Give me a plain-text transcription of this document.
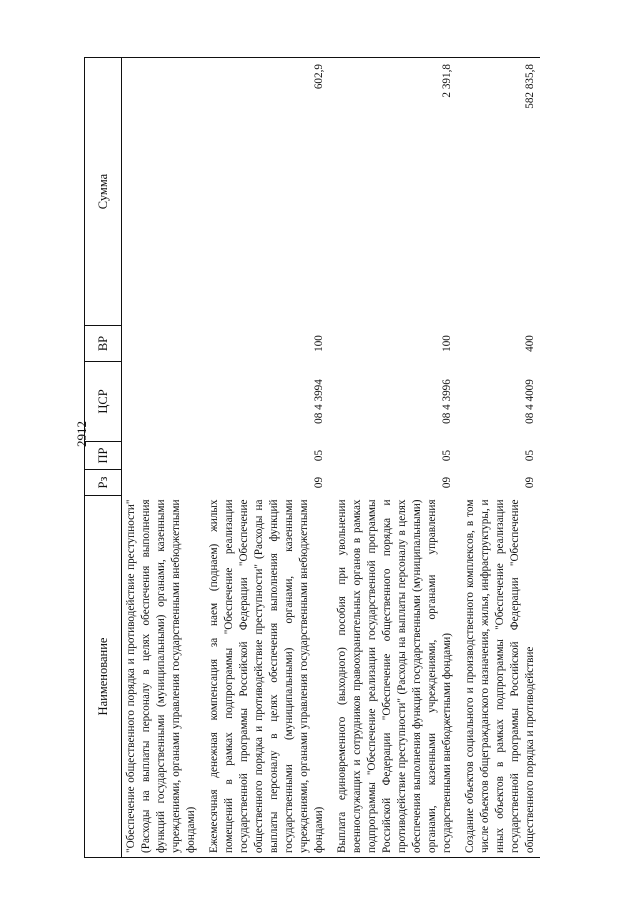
2912
Наименование	Рз	ПР	ЦСР	ВР	Сумма
"Обеспечение общественного порядка и противодействие преступности" (Расходы на выплаты персоналу в целях обеспечения выполнения функций государственными (муниципальными) органами, казенными учреждениями, органами управления государственными внебюджетными фондами)					
Ежемесячная денежная компенсация за наем (поднаем) жилых помещений в рамках подпрограммы "Обеспечение реализации государственной программы Российской Федерации "Обеспечение общественного порядка и противодействие преступности" (Расходы на выплаты персоналу в целях обеспечения выполнения функций государственными (муниципальными) органами, казенными учреждениями, органами управления государственными внебюджетными фондами)	09	05	08 4 3994	100	602,9
Выплата единовременного (выходного) пособия при увольнении военнослужащих и сотрудников правоохранительных органов в рамках подпрограммы "Обеспечение реализации государственной программы Российской Федерации "Обеспечение общественного порядка и противодействие преступности" (Расходы на выплаты персоналу в целях обеспечения выполнения функций государственными (муниципальными) органами, казенными учреждениями, органами управления государственными внебюджетными фондами)	09	05	08 4 3996	100	2 391,8
Создание объектов социального и производственного комплексов, в том числе объектов общегражданского назначения, жилья, инфраструктуры, и иных объектов в рамках подпрограммы "Обеспечение реализации государственной программы Российской Федерации "Обеспечение общественного порядка и противодействие	09	05	08 4 4009	400	582 835,8
